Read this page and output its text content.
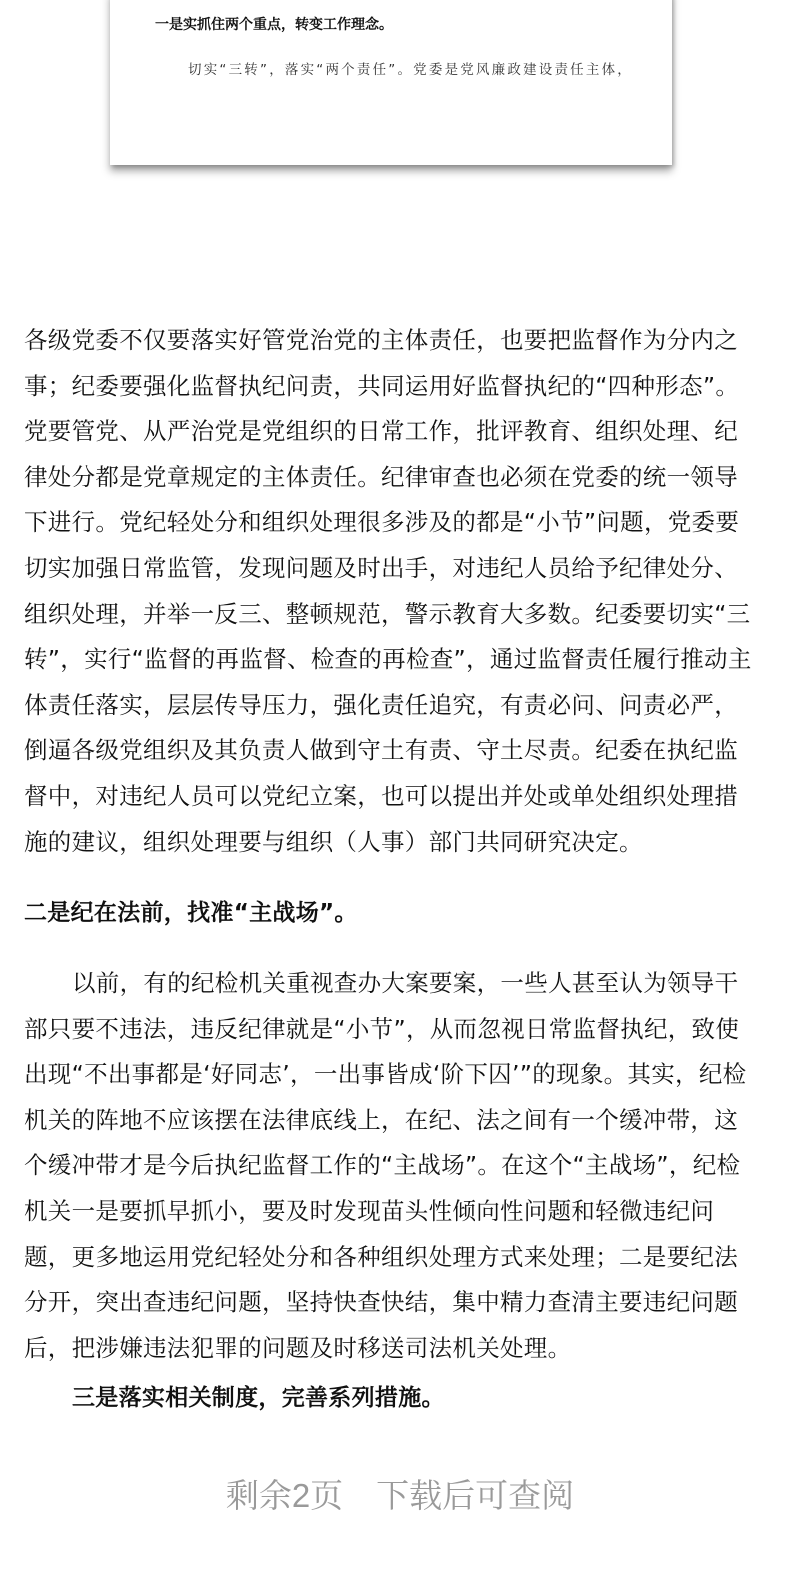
一是实抓住两个重点，转变工作理念。
切实“三转”，落实“两个责任”。党委是党风廉政建设责任主体，
各级党委不仅要落实好管党治党的主体责任，也要把监督作为分内之
事；纪委要强化监督执纪问责，共同运用好监督执纪的“四种形态”。
党要管党、从严治党是党组织的日常工作，批评教育、组织处理、纪
律处分都是党章规定的主体责任。纪律审查也必须在党委的统一领导
下进行。党纪轻处分和组织处理很多涉及的都是“小节”问题，党委要
切实加强日常监管，发现问题及时出手，对违纪人员给予纪律处分、
组织处理，并举一反三、整顿规范，警示教育大多数。纪委要切实“三
转”，实行“监督的再监督、检查的再检查”，通过监督责任履行推动主
体责任落实，层层传导压力，强化责任追究，有责必问、问责必严，
倒逼各级党组织及其负责人做到守土有责、守土尽责。纪委在执纪监
督中，对违纪人员可以党纪立案，也可以提出并处或单处组织处理措
施的建议，组织处理要与组织（人事）部门共同研究决定。
二是纪在法前，找准“主战场”。
以前，有的纪检机关重视查办大案要案，一些人甚至认为领导干
部只要不违法，违反纪律就是“小节”，从而忽视日常监督执纪，致使
出现“不出事都是‘好同志’，一出事皆成‘阶下囚’”的现象。其实，纪检
机关的阵地不应该摆在法律底线上，在纪、法之间有一个缓冲带，这
个缓冲带才是今后执纪监督工作的“主战场”。在这个“主战场”，纪检
机关一是要抓早抓小，要及时发现苗头性倾向性问题和轻微违纪问
题，更多地运用党纪轻处分和各种组织处理方式来处理；二是要纪法
分开，突出查违纪问题，坚持快查快结，集中精力查清主要违纪问题
后，把涉嫌违法犯罪的问题及时移送司法机关处理。
三是落实相关制度，完善系列措施。
剩余2页　下载后可查阅
